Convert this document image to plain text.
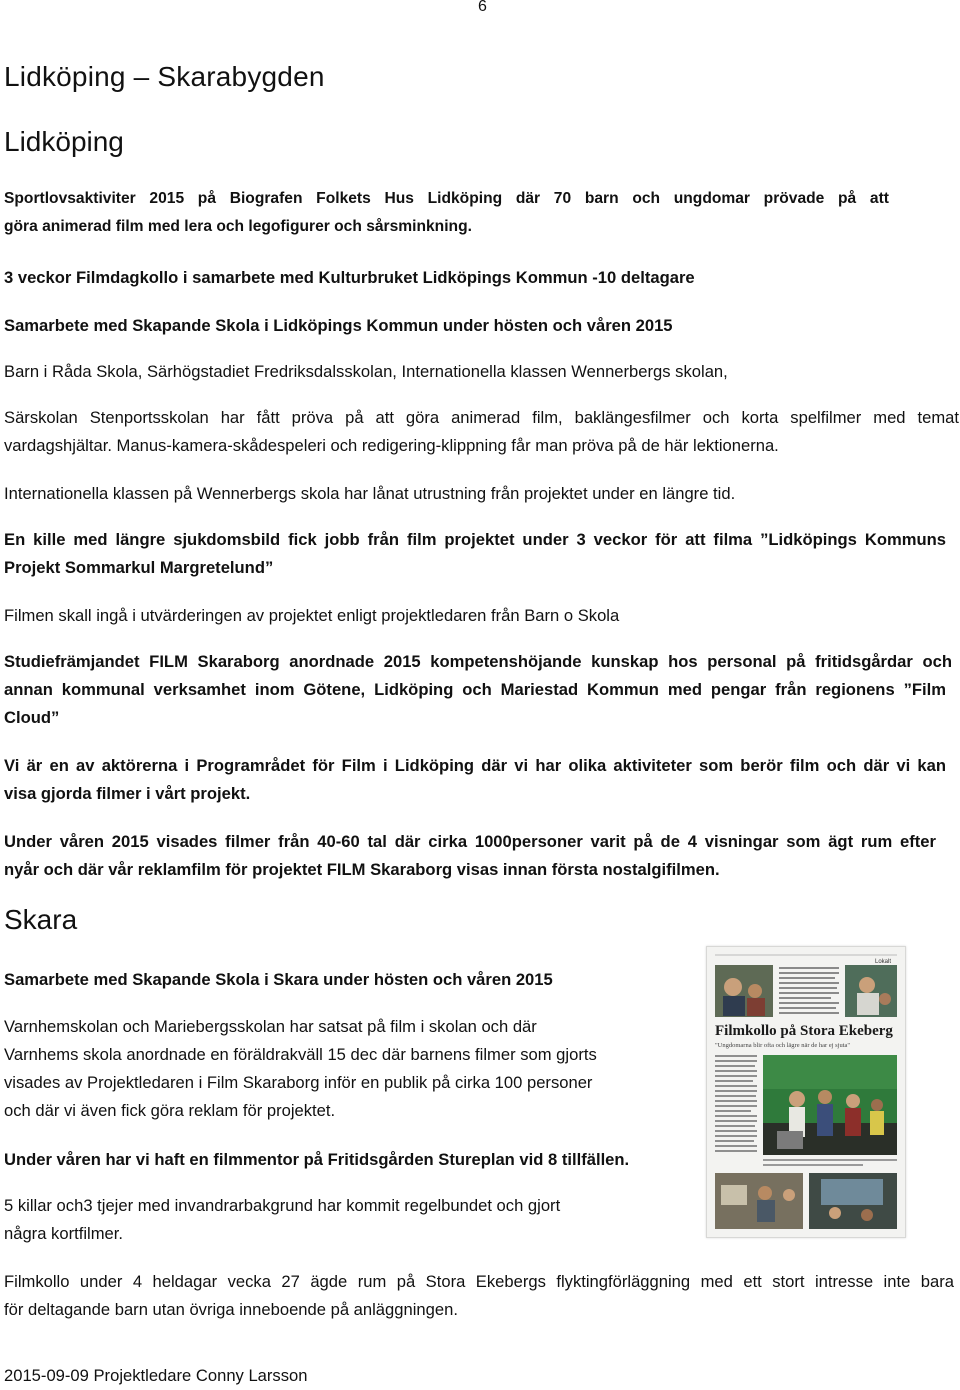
6
Lidköping – Skarabygden
Lidköping
Sportlovsaktiviter 2015 på Biografen Folkets Hus Lidköping där 70 barn och ungdomar prövade på att
göra animerad film med lera och legofigurer och sårsminkning.
3 veckor Filmdagkollo i samarbete med Kulturbruket Lidköpings Kommun -10 deltagare
Samarbete med Skapande Skola i Lidköpings Kommun under hösten och våren 2015
Barn i Råda Skola, Särhögstadiet Fredriksdalsskolan, Internationella klassen Wennerbergs skolan,
Särskolan Stenportsskolan har fått pröva på att göra animerad film, baklängesfilmer och korta spelfilmer med temat
vardagshjältar. Manus-kamera-skådespeleri och redigering-klippning får man pröva på de här lektionerna.
Internationella klassen på Wennerbergs skola har lånat utrustning från projektet under en längre tid.
En kille med längre sjukdomsbild fick jobb från film projektet under 3 veckor för att filma ”Lidköpings Kommuns
Projekt Sommarkul Margretelund”
Filmen skall ingå i utvärderingen av projektet enligt projektledaren från Barn o Skola
Studiefrämjandet FILM Skaraborg anordnade 2015 kompetenshöjande kunskap hos personal på fritidsgårdar och
annan kommunal verksamhet inom Götene, Lidköping och Mariestad Kommun med pengar från regionens ”Film
Cloud”
Vi är en av aktörerna i Programrådet för Film i Lidköping där vi har olika aktiviteter som berör film och där vi kan
visa gjorda filmer i vårt projekt.
Under våren 2015 visades filmer från 40-60 tal där cirka 1000personer varit på de 4 visningar som ägt rum efter
nyår och där vår reklamfilm för projektet FILM Skaraborg visas innan första nostalgifilmen.
Skara
Samarbete med Skapande Skola i Skara under hösten och våren 2015
Varnhemskolan och Mariebergsskolan har satsat på film i skolan och där
Varnhems skola anordnade en föräldrakväll 15 dec där barnens filmer som gjorts
visades av Projektledaren i Film Skaraborg inför en publik på cirka 100 personer
och där vi även fick göra reklam för projektet.
Under våren har vi haft en filmmentor på Fritidsgården Stureplan vid 8 tillfällen.
5 killar och3 tjejer med invandrarbakgrund har kommit regelbundet och gjort
några kortfilmer.
Filmkollo under 4 heldagar vecka 27 ägde rum på Stora Ekebergs flyktingförläggning med ett stort intresse inte bara
för deltagande barn utan övriga inneboende på anläggningen.
2015-09-09 Projektledare Conny Larsson
Lokalt
Filmkollo på Stora Ekeberg
"Ungdomarna blir ofta och lägre när de har ej sjuta"
